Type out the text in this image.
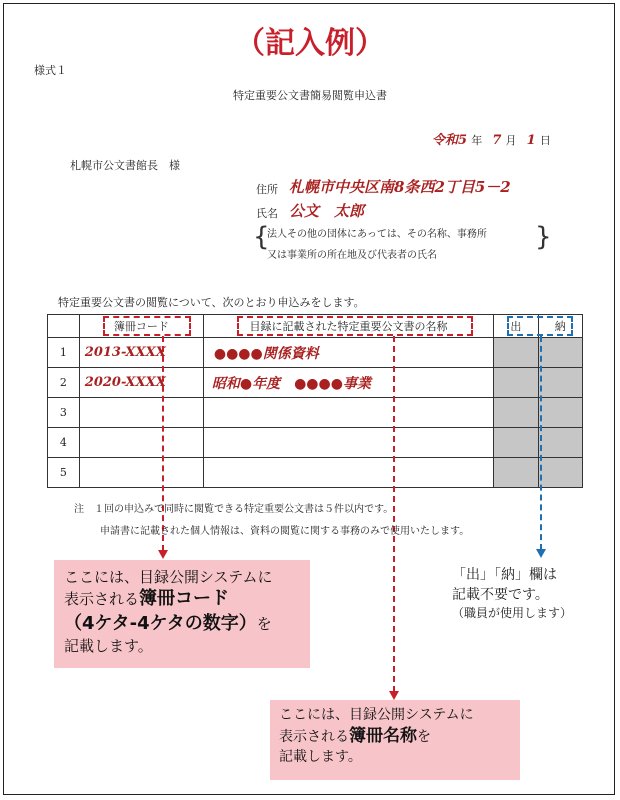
（記入例）
様式１
特定重要公文書簡易閲覧申込書
令和5 年 7 月 1 日
札幌市公文書館長　様
住所 札幌市中央区南8条西2丁目5－2
氏名 公文　太郎
{
法人その他の団体にあっては、その名称、事務所
又は事業所の所在地及び代表者の氏名
}
特定重要公文書の閲覧について、次のとおり申込みをします。
	簿冊コード	目録に記載された特定重要公文書の名称	出	納
1	2013-XXXX	●●●●関係資料		
2	2020-XXXX	昭和●年度　●●●●事業		
3				
4				
5				
注　１回の申込みで同時に閲覧できる特定重要公文書は５件以内です。
申請書に記載された個人情報は、資料の閲覧に関する事務のみで使用いたします。
ここには、目録公開システムに
表示される簿冊コード
（4ケタ-4ケタの数字）を
記載します。
ここには、目録公開システムに
表示される簿冊名称を
記載します。
「出」「納」欄は
記載不要です。
（職員が使用します）
